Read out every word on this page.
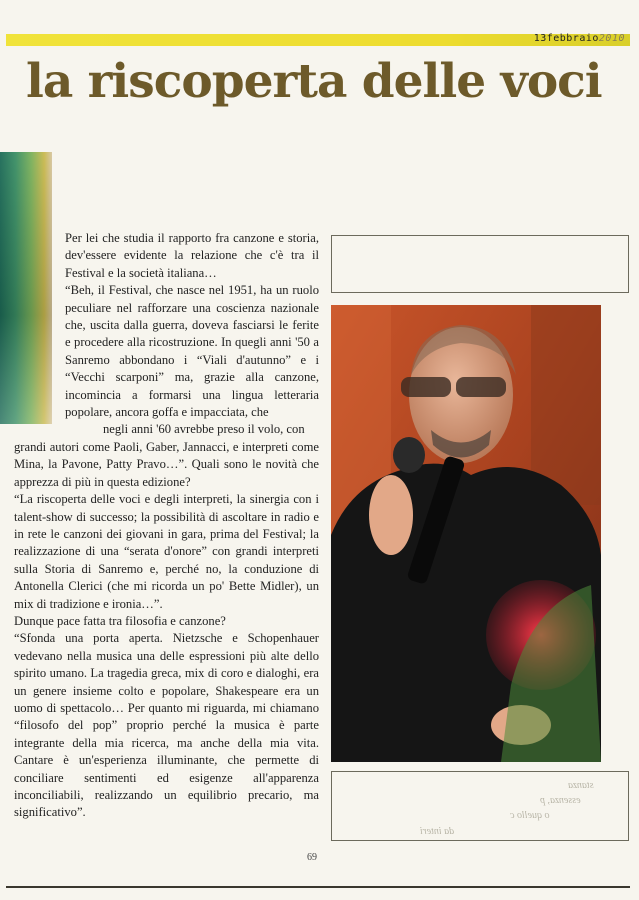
13febbraio2010
la riscoperta delle voci

Per lei che studia il rapporto fra canzone e storia, dev'essere evidente la relazione che c'è tra il Festival e la società italiana…

“Beh, il Festival, che nasce nel 1951, ha un ruolo peculiare nel rafforzare una coscienza nazionale che, uscita dalla guerra, doveva fasciarsi le ferite e procedere alla ricostruzione. In quegli anni '50 a Sanremo abbondano i “Viali d'autunno” e i “Vecchi scarponi” ma, grazie alla canzone, incomincia a formarsi una lingua letteraria popolare, ancora goffa e impacciata, che

negli anni '60 avrebbe preso il volo, con

grandi autori come Paoli, Gaber, Jannacci, e interpreti come Mina, la Pavone, Patty Pravo…”. Quali sono le novità che apprezza di più in questa edizione?

“La riscoperta delle voci e degli interpreti, la sinergia con i talent-show di successo; la possibilità di ascoltare in radio e in rete le canzoni dei giovani in gara, prima del Festival; la realizzazione di una “serata d'onore” con grandi interpreti sulla Storia di Sanremo e, perché no, la conduzione di Antonella Clerici (che mi ricorda un po' Bette Midler), un mix di tradizione e ironia…”.

Dunque pace fatta tra filosofia e canzone?

“Sfonda una porta aperta. Nietzsche e Schopenhauer vedevano nella musica una delle espressioni più alte dello spirito umano. La tragedia greca, mix di coro e dialoghi, era un genere insieme colto e popolare, Shakespeare era un uomo di spettacolo… Per quanto mi riguarda, mi chiamano “filosofo del pop” proprio perché la musica è parte integrante della mia ricerca, ma anche della mia vita. Cantare è un'esperienza illuminante, che permette di conciliare sentimenti ed esigenze all'apparenza inconciliabili, realizzando un equilibrio precario, ma significativo”.

stanza
essenza, p
o quello c
da interi
69
